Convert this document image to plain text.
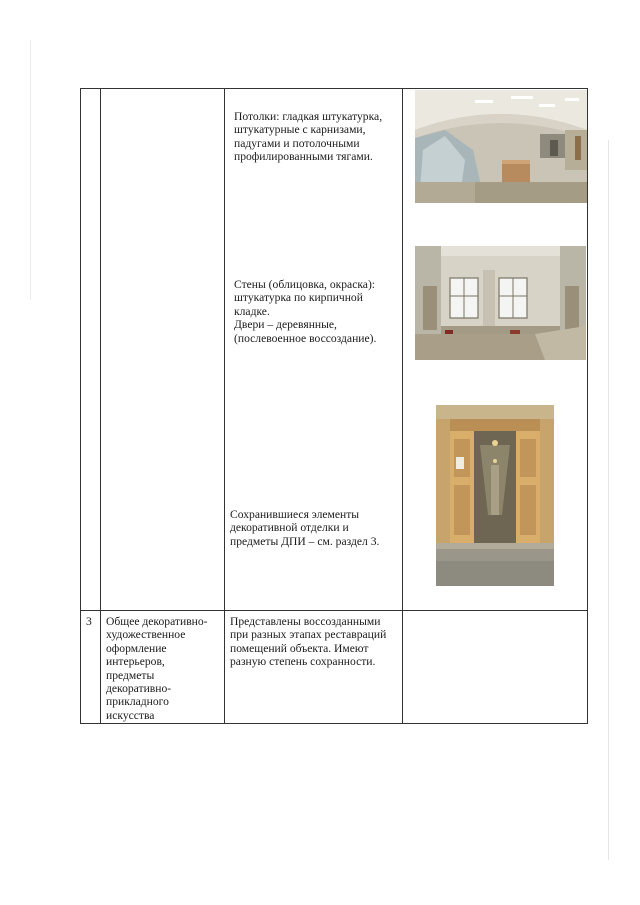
Потолки: гладкая штукатурка,
штукатурные с карнизами,
падугами и потолочными
профилированными тягами.
Стены (облицовка, окраска):
штукатурка по кирпичной
кладке.
Двери – деревянные,
(послевоенное воссоздание).
Сохранившиеся элементы
декоративной отделки и
предметы ДПИ – см. раздел 3.
3 Общее декоративно-
художественное
оформление
интерьеров,
предметы
декоративно-
прикладного
искусства
Представлены воссозданными
при разных этапах реставраций
помещений объекта. Имеют
разную степень сохранности.
